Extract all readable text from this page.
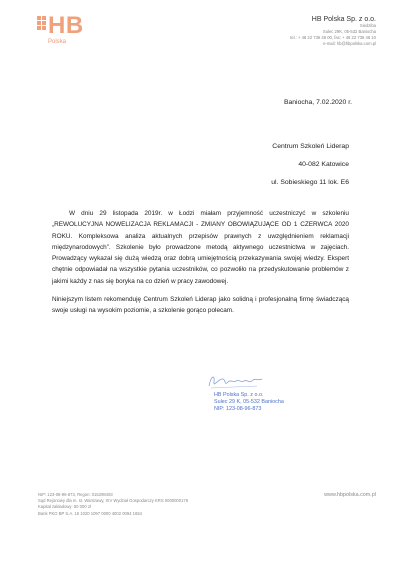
HB
Polska
HB Polska Sp. z o.o.
Siedziba
Sulec 29K, 05-532 Baniocha
tel.: + 48 22 736 46 00, fax: + 48 22 736 46 10
e-mail: hb@hbpolska.com.pl
Baniocha, 7.02.2020 r.
Centrum Szkoleń Liderap
40-082 Katowice
ul. Sobieskiego 11 lok. E6

W dniu 29 listopada 2019r. w Łodzi miałam przyjemność uczestniczyć w szkoleniu „REWOLUCYJNA NOWELIZACJA REKLAMACJI - ZMIANY OBOWIĄZUJĄCE OD 1 CZERWCA 2020 ROKU. Kompleksowa analiza aktualnych przepisów prawnych z uwzględnieniem reklamacji międzynarodowych”. Szkolenie było prowadzone metodą aktywnego uczestnictwa w zajęciach. Prowadzący wykazał się dużą wiedzą oraz dobrą umiejętnością przekazywania swojej wiedzy. Ekspert chętnie odpowiadał na wszystkie pytania uczestników, co pozwoliło na przedyskutowanie problemów z jakimi każdy z nas się boryka na co dzień w pracy zawodowej.

Niniejszym listem rekomenduję Centrum Szkoleń Liderap jako solidną i profesjonalną firmę świadczącą swoje usługi na wysokim poziomie, a szkolenie gorąco polecam.

HB Polska Sp. z o.o.
Sulec 29 K, 05-532 Baniocha
NIP: 123-08-96-873
NIP: 123-08-96-873, Regon: 015298493
Sąd Rejonowy dla m. st. Warszawy, XIV Wydział Gospodarczy KRS 0000000176
Kapitał zakładowy: 50 000 zł
Bank PKO BP S.A. 16 1020 1097 0000 4002 0094 1654
www.hbpolska.com.pl
